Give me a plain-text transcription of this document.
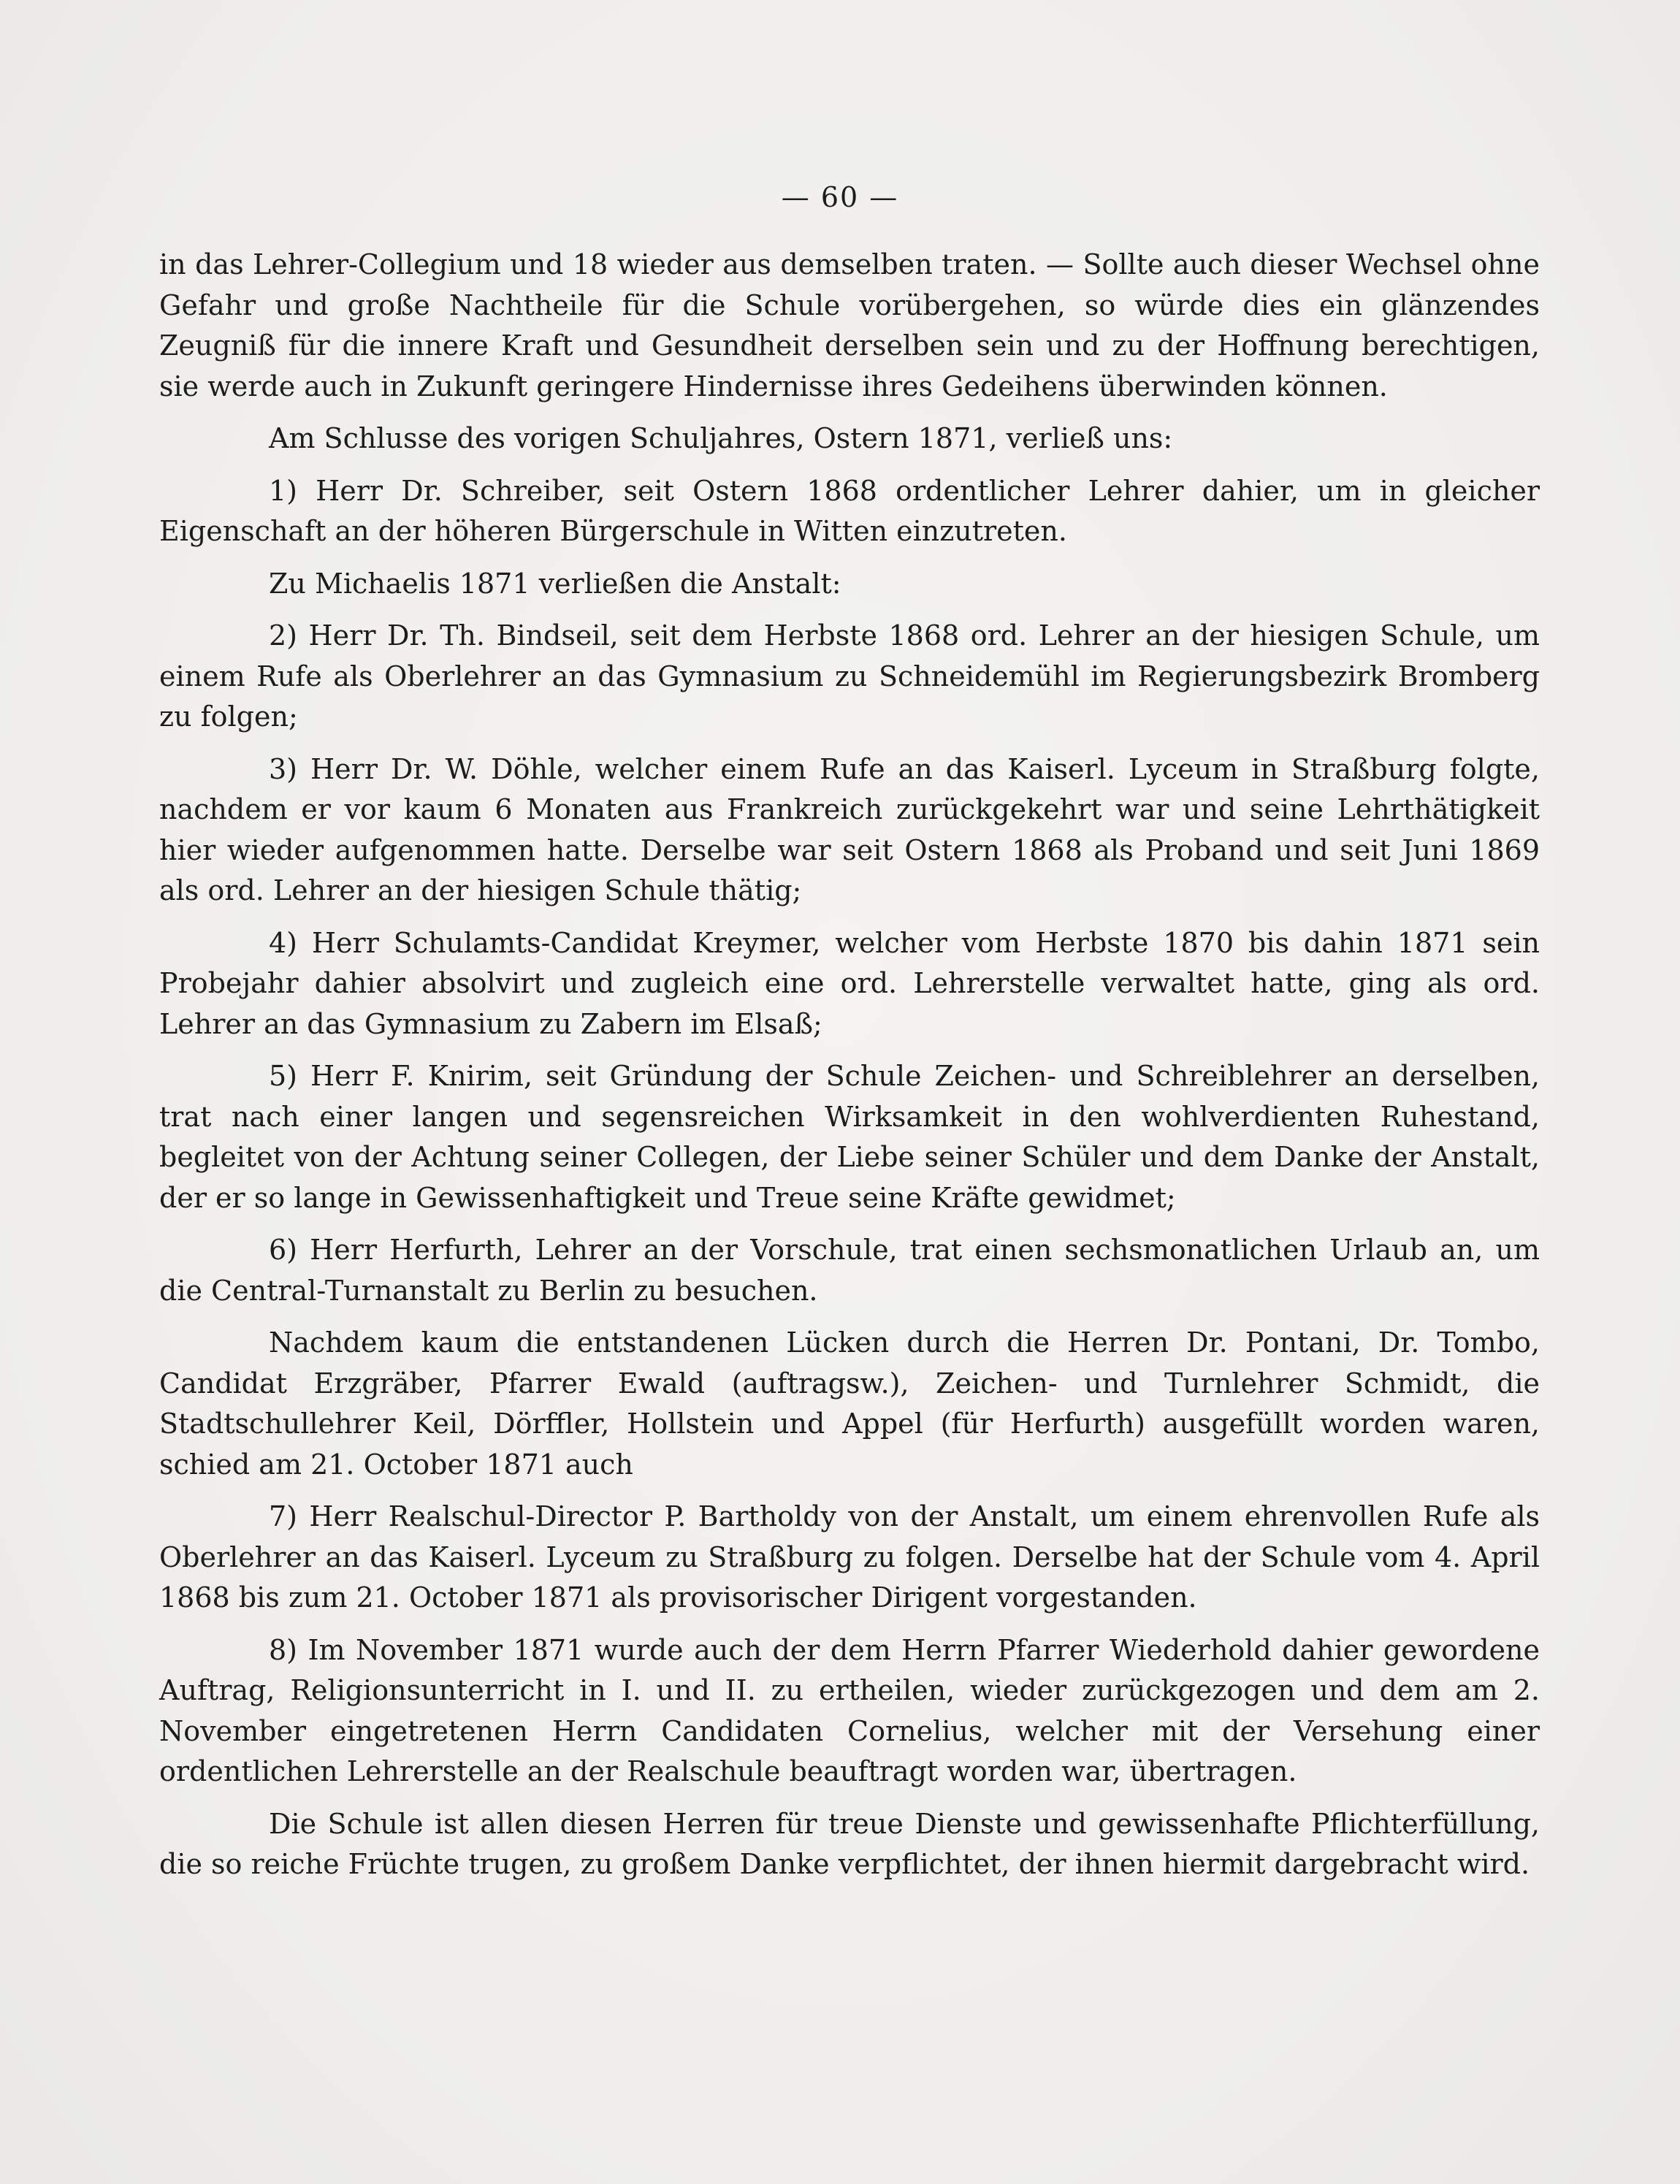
— 60 —

in das Lehrer-Collegium und 18 wieder aus demselben traten. — Sollte auch dieser Wechsel ohne Gefahr und große Nachtheile für die Schule vorübergehen, so würde dies ein glänzendes Zeugniß für die innere Kraft und Gesundheit derselben sein und zu der Hoffnung berechtigen, sie werde auch in Zukunft geringere Hindernisse ihres Gedeihens überwinden können.

Am Schlusse des vorigen Schuljahres, Ostern 1871, verließ uns:

1) Herr Dr. Schreiber, seit Ostern 1868 ordentlicher Lehrer dahier, um in gleicher Eigenschaft an der höheren Bürgerschule in Witten einzutreten.

Zu Michaelis 1871 verließen die Anstalt:

2) Herr Dr. Th. Bindseil, seit dem Herbste 1868 ord. Lehrer an der hiesigen Schule, um einem Rufe als Oberlehrer an das Gymnasium zu Schneidemühl im Regierungsbezirk Bromberg zu folgen;

3) Herr Dr. W. Döhle, welcher einem Rufe an das Kaiserl. Lyceum in Straßburg folgte, nachdem er vor kaum 6 Monaten aus Frankreich zurückgekehrt war und seine Lehrthätigkeit hier wieder aufgenommen hatte. Derselbe war seit Ostern 1868 als Proband und seit Juni 1869 als ord. Lehrer an der hiesigen Schule thätig;

4) Herr Schulamts-Candidat Kreymer, welcher vom Herbste 1870 bis dahin 1871 sein Probejahr dahier absolvirt und zugleich eine ord. Lehrerstelle verwaltet hatte, ging als ord. Lehrer an das Gymnasium zu Zabern im Elsaß;

5) Herr F. Knirim, seit Gründung der Schule Zeichen- und Schreiblehrer an derselben, trat nach einer langen und segensreichen Wirksamkeit in den wohlverdienten Ruhestand, begleitet von der Achtung seiner Collegen, der Liebe seiner Schüler und dem Danke der Anstalt, der er so lange in Gewissenhaftigkeit und Treue seine Kräfte gewidmet;

6) Herr Herfurth, Lehrer an der Vorschule, trat einen sechsmonatlichen Urlaub an, um die Central-Turnanstalt zu Berlin zu besuchen.

Nachdem kaum die entstandenen Lücken durch die Herren Dr. Pontani, Dr. Tombo, Candidat Erzgräber, Pfarrer Ewald (auftragsw.), Zeichen- und Turnlehrer Schmidt, die Stadtschullehrer Keil, Dörffler, Hollstein und Appel (für Herfurth) ausgefüllt worden waren, schied am 21. October 1871 auch

7) Herr Realschul-Director P. Bartholdy von der Anstalt, um einem ehrenvollen Rufe als Oberlehrer an das Kaiserl. Lyceum zu Straßburg zu folgen. Derselbe hat der Schule vom 4. April 1868 bis zum 21. October 1871 als provisorischer Dirigent vorgestanden.

8) Im November 1871 wurde auch der dem Herrn Pfarrer Wiederhold dahier gewordene Auftrag, Religionsunterricht in I. und II. zu ertheilen, wieder zurückgezogen und dem am 2. November eingetretenen Herrn Candidaten Cornelius, welcher mit der Versehung einer ordentlichen Lehrerstelle an der Realschule beauftragt worden war, übertragen.

Die Schule ist allen diesen Herren für treue Dienste und gewissenhafte Pflichterfüllung, die so reiche Früchte trugen, zu großem Danke verpflichtet, der ihnen hiermit dargebracht wird.
